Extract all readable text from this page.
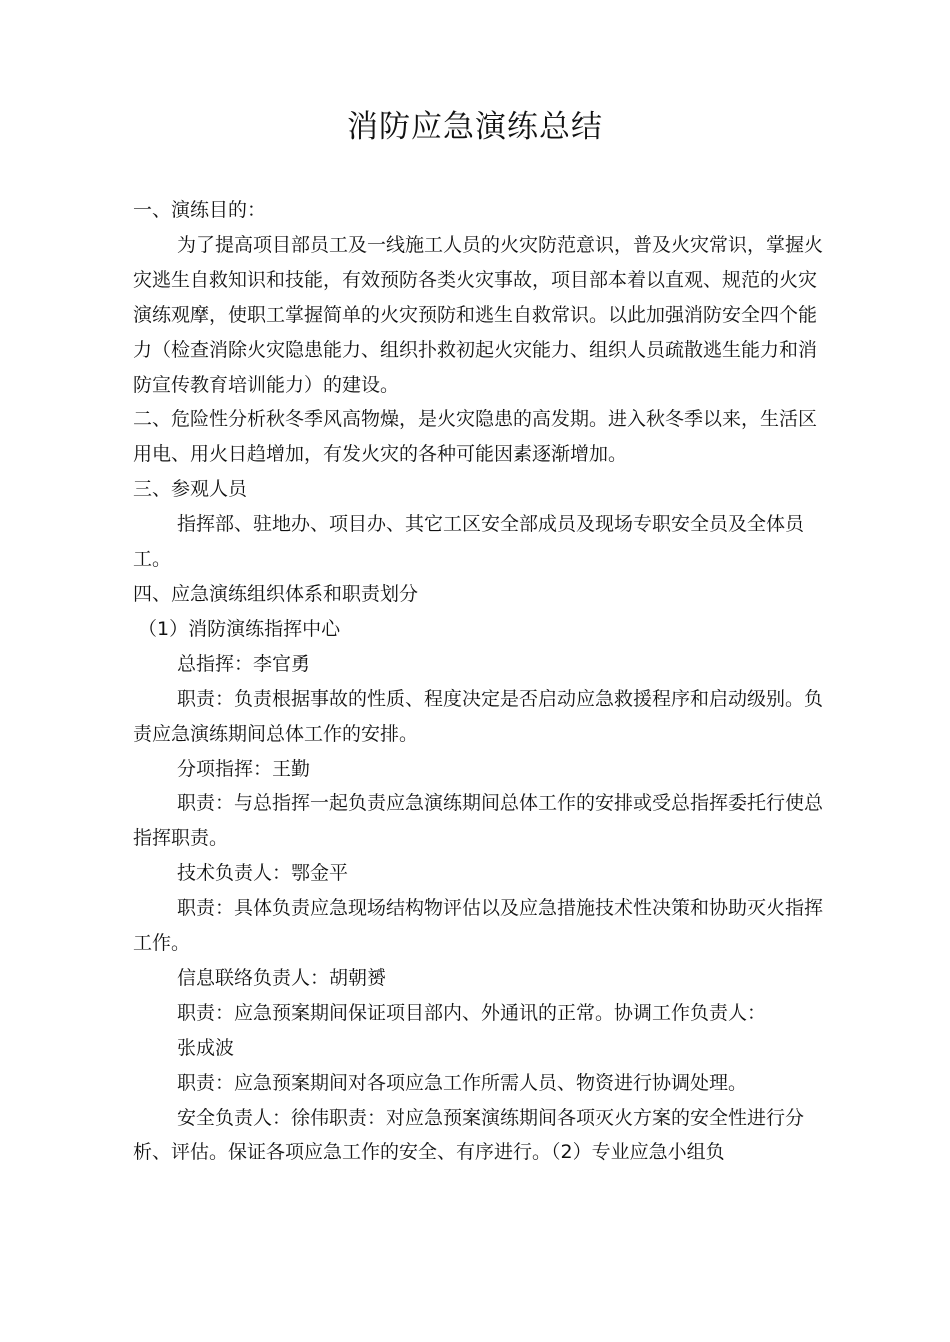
消防应急演练总结

一、演练目的：

为了提高项目部员工及一线施工人员的火灾防范意识，普及火灾常识，掌握火灾逃生自救知识和技能，有效预防各类火灾事故，项目部本着以直观、规范的火灾演练观摩，使职工掌握简单的火灾预防和逃生自救常识。以此加强消防安全四个能力（检查消除火灾隐患能力、组织扑救初起火灾能力、组织人员疏散逃生能力和消防宣传教育培训能力）的建设。

二、危险性分析秋冬季风高物燥，是火灾隐患的高发期。进入秋冬季以来，生活区用电、用火日趋增加，有发火灾的各种可能因素逐渐增加。

三、参观人员

指挥部、驻地办、项目办、其它工区安全部成员及现场专职安全员及全体员工。

四、应急演练组织体系和职责划分

（1）消防演练指挥中心

总指挥：李官勇

职责：负责根据事故的性质、程度决定是否启动应急救援程序和启动级别。负责应急演练期间总体工作的安排。

分项指挥：王勤

职责：与总指挥一起负责应急演练期间总体工作的安排或受总指挥委托行使总指挥职责。

技术负责人：鄂金平

职责：具体负责应急现场结构物评估以及应急措施技术性决策和协助灭火指挥工作。

信息联络负责人：胡朝赟

职责：应急预案期间保证项目部内、外通讯的正常。协调工作负责人：

张成波

职责：应急预案期间对各项应急工作所需人员、物资进行协调处理。

安全负责人：徐伟职责：对应急预案演练期间各项灭火方案的安全性进行分析、评估。保证各项应急工作的安全、有序进行。（2）专业应急小组负
